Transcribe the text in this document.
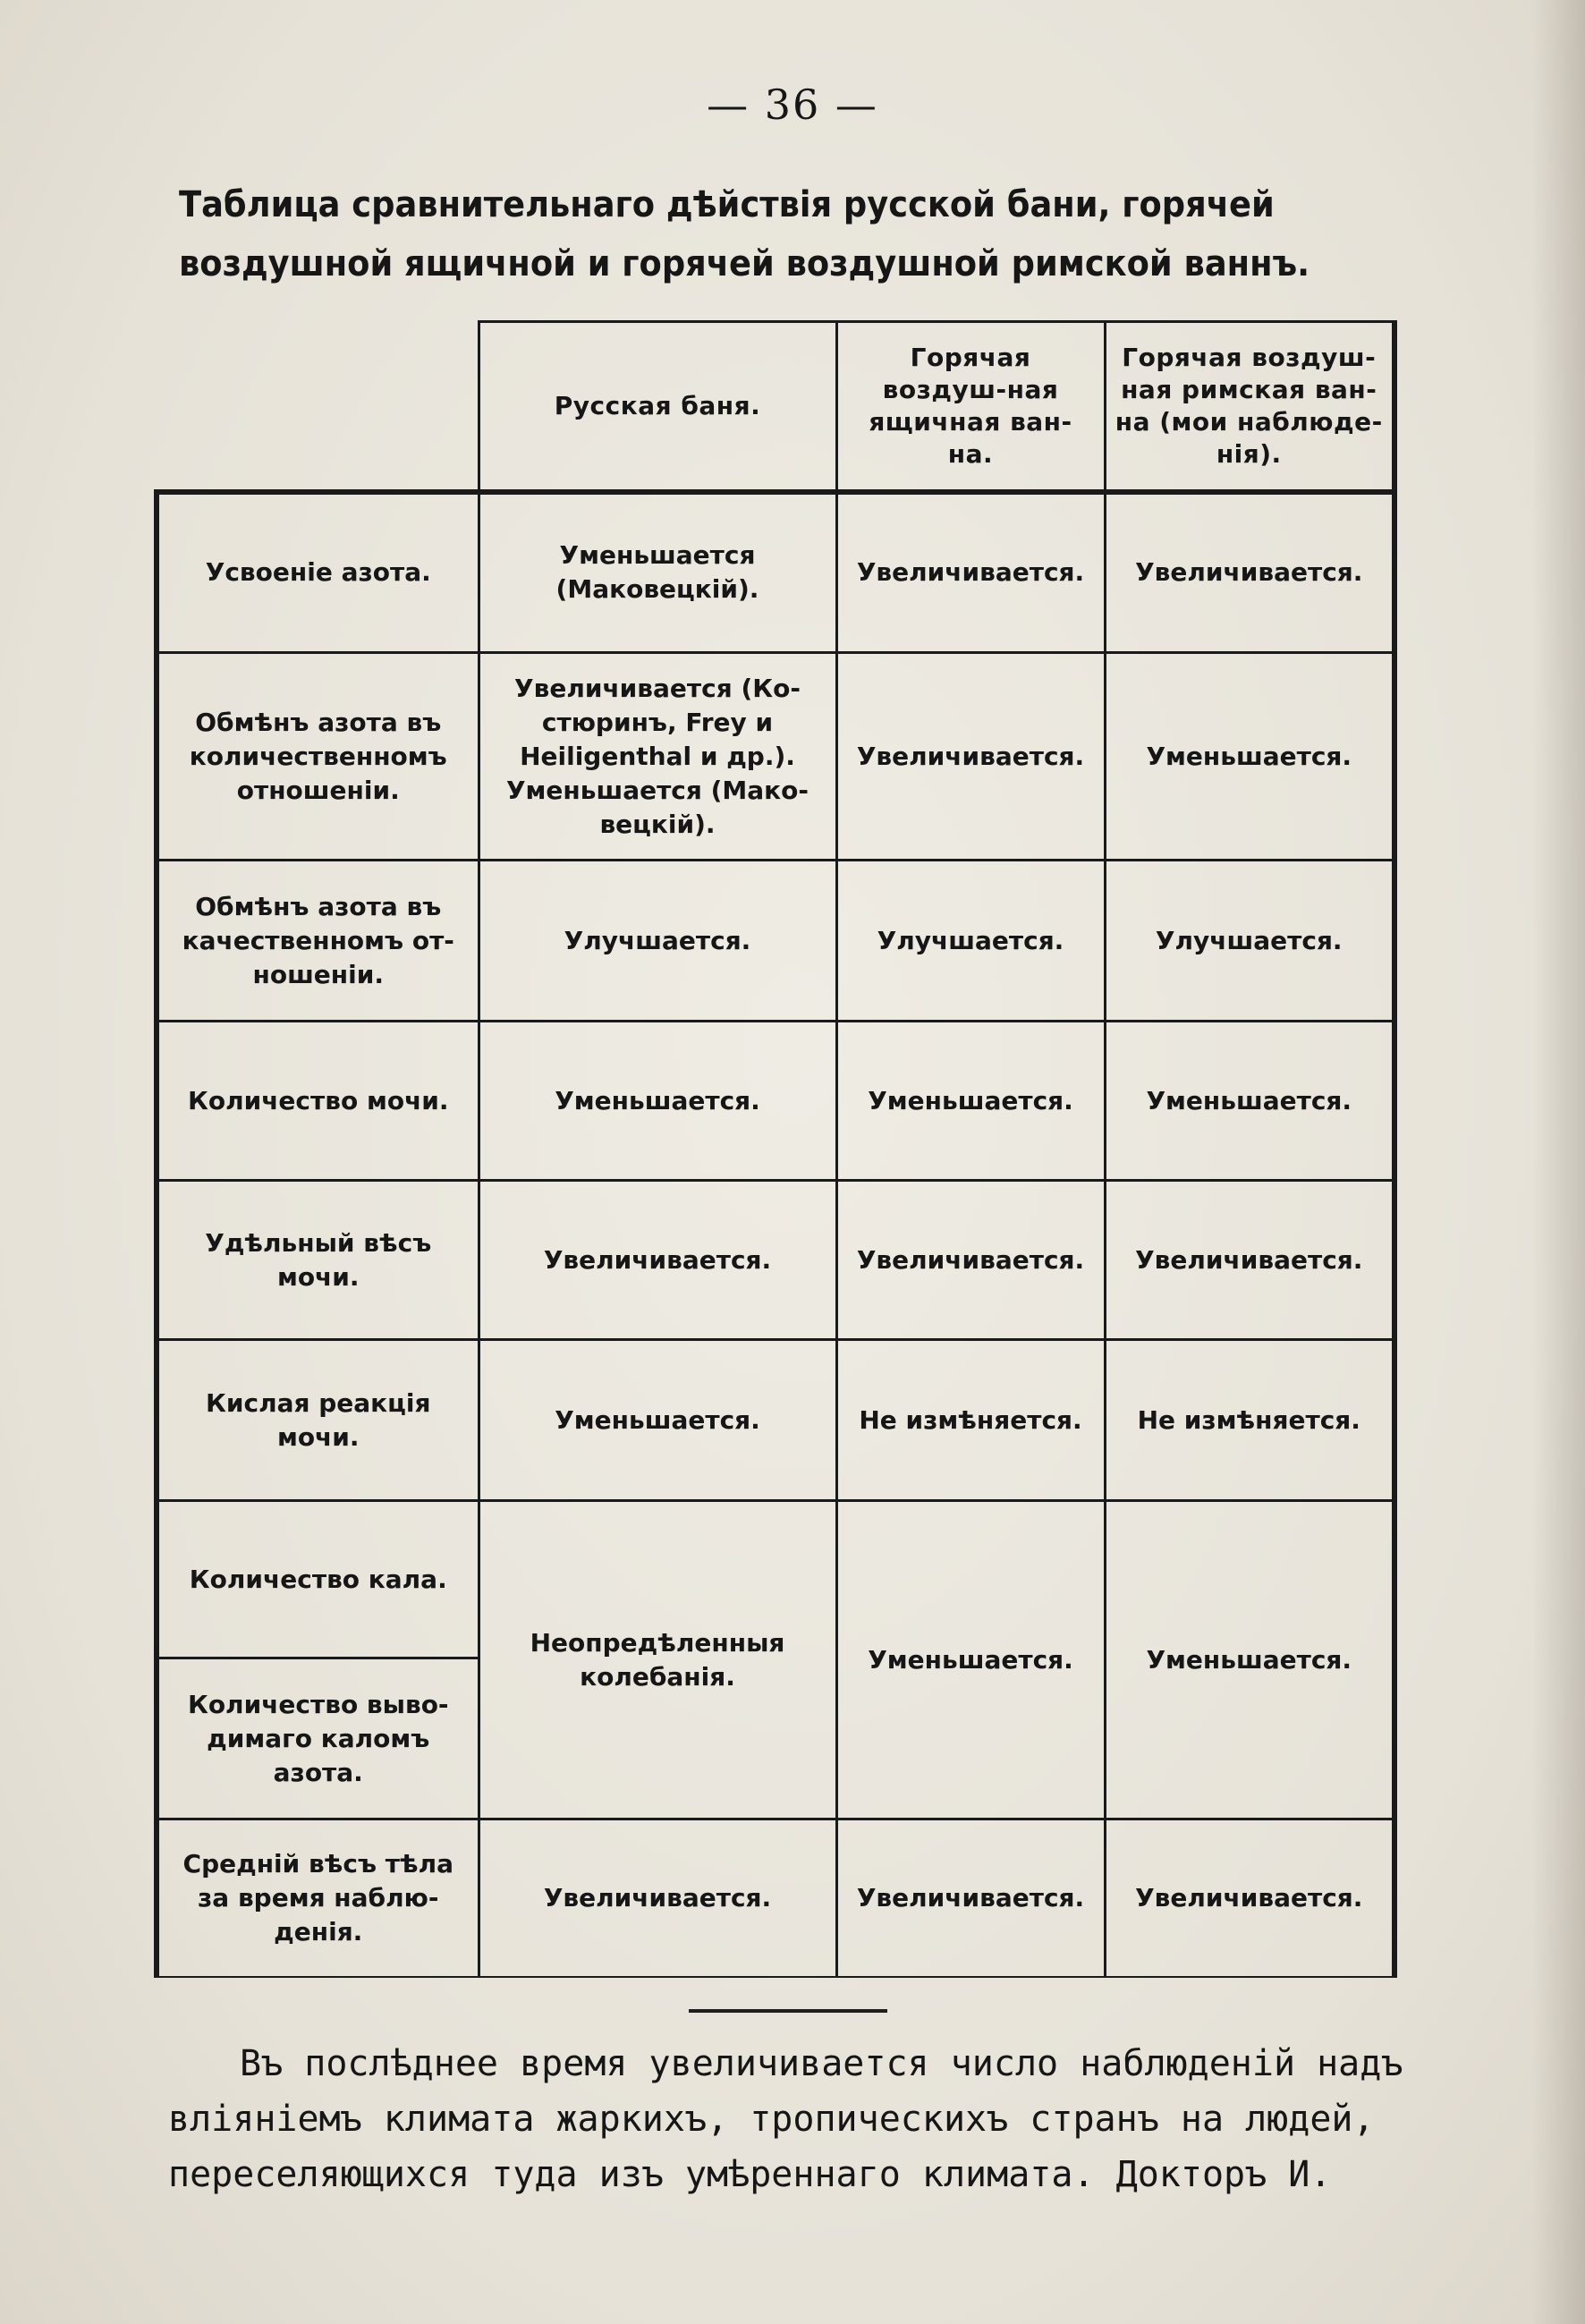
— 36 —
Таблица сравнительнаго дѣйствія русской бани, горячей
воздушной ящичной и горячей воздушной римской ваннъ.
	Русская баня.	Горячая воздуш-ная ящичная ван-на.	Горячая воздуш-ная римская ван-на (мои наблюде-нія).
Усвоеніе азота.	Уменьшается (Маковецкій).	Увеличивается.	Увеличивается.
Обмѣнъ азота въ количественномъ отношеніи.	Увеличивается (Ко-стюринъ, Frey и Heiligenthal и др.). Уменьшается (Мако-вецкій).	Увеличивается.	Уменьшается.
Обмѣнъ азота въ качественномъ от-ношеніи.	Улучшается.	Улучшается.	Улучшается.
Количество мочи.	Уменьшается.	Уменьшается.	Уменьшается.
Удѣльный вѣсъ мочи.	Увеличивается.	Увеличивается.	Увеличивается.
Кислая реакція мочи.	Уменьшается.	Не измѣняется.	Не измѣняется.
Количество кала.	Неопредѣленныя колебанія.	Уменьшается.	Уменьшается.
Количество выво-димаго каломъ азота.			
Среднiй вѣсъ тѣла за время наблю-денія.	Увеличивается.	Увеличивается.	Увеличивается.
Въ послѣднее время увеличивается число наблюденій надъ
вліяніемъ климата жаркихъ, тропическихъ странъ на людей,
переселяющихся туда изъ умѣреннаго климата. Докторъ И.
